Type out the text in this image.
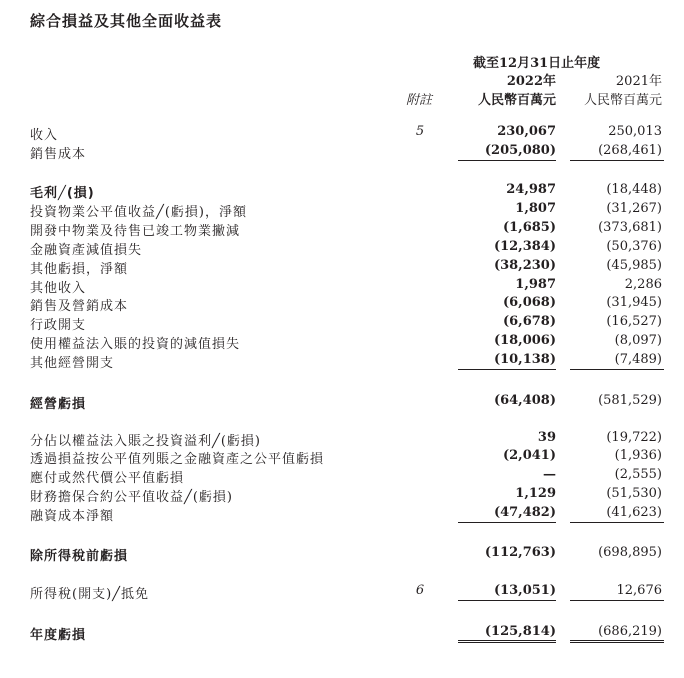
綜合損益及其他全面收益表
截至12月31日止年度
2022年	2021年
附註	人民幣百萬元 人民幣百萬元
收入	5	230,067	250,013
銷售成本	(205,080)	(268,461)
毛利╱(損)	24,987	(18,448)
投資物業公平值收益╱(虧損)，淨額	1,807	(31,267)
開發中物業及待售已竣工物業撇減	(1,685)	(373,681)
金融資產減值損失	(12,384)	(50,376)
其他虧損，淨額	(38,230)	(45,985)
其他收入	1,987	2,286
銷售及營銷成本	(6,068)	(31,945)
行政開支	(6,678)	(16,527)
使用權益法入賬的投資的減值損失	(18,006)	(8,097)
其他經營開支	(10,138)	(7,489)
經營虧損	(64,408)	(581,529)
分佔以權益法入賬之投資溢利╱(虧損)	39	(19,722)
透過損益按公平值列賬之金融資產之公平值虧損	(2,041)	(1,936)
應付或然代價公平值虧損	—	(2,555)
財務擔保合約公平值收益╱(虧損)	1,129	(51,530)
融資成本淨額	(47,482)	(41,623)
除所得稅前虧損	(112,763)	(698,895)
所得稅(開支)╱抵免	6	(13,051)	12,676
年度虧損	(125,814)	(686,219)
